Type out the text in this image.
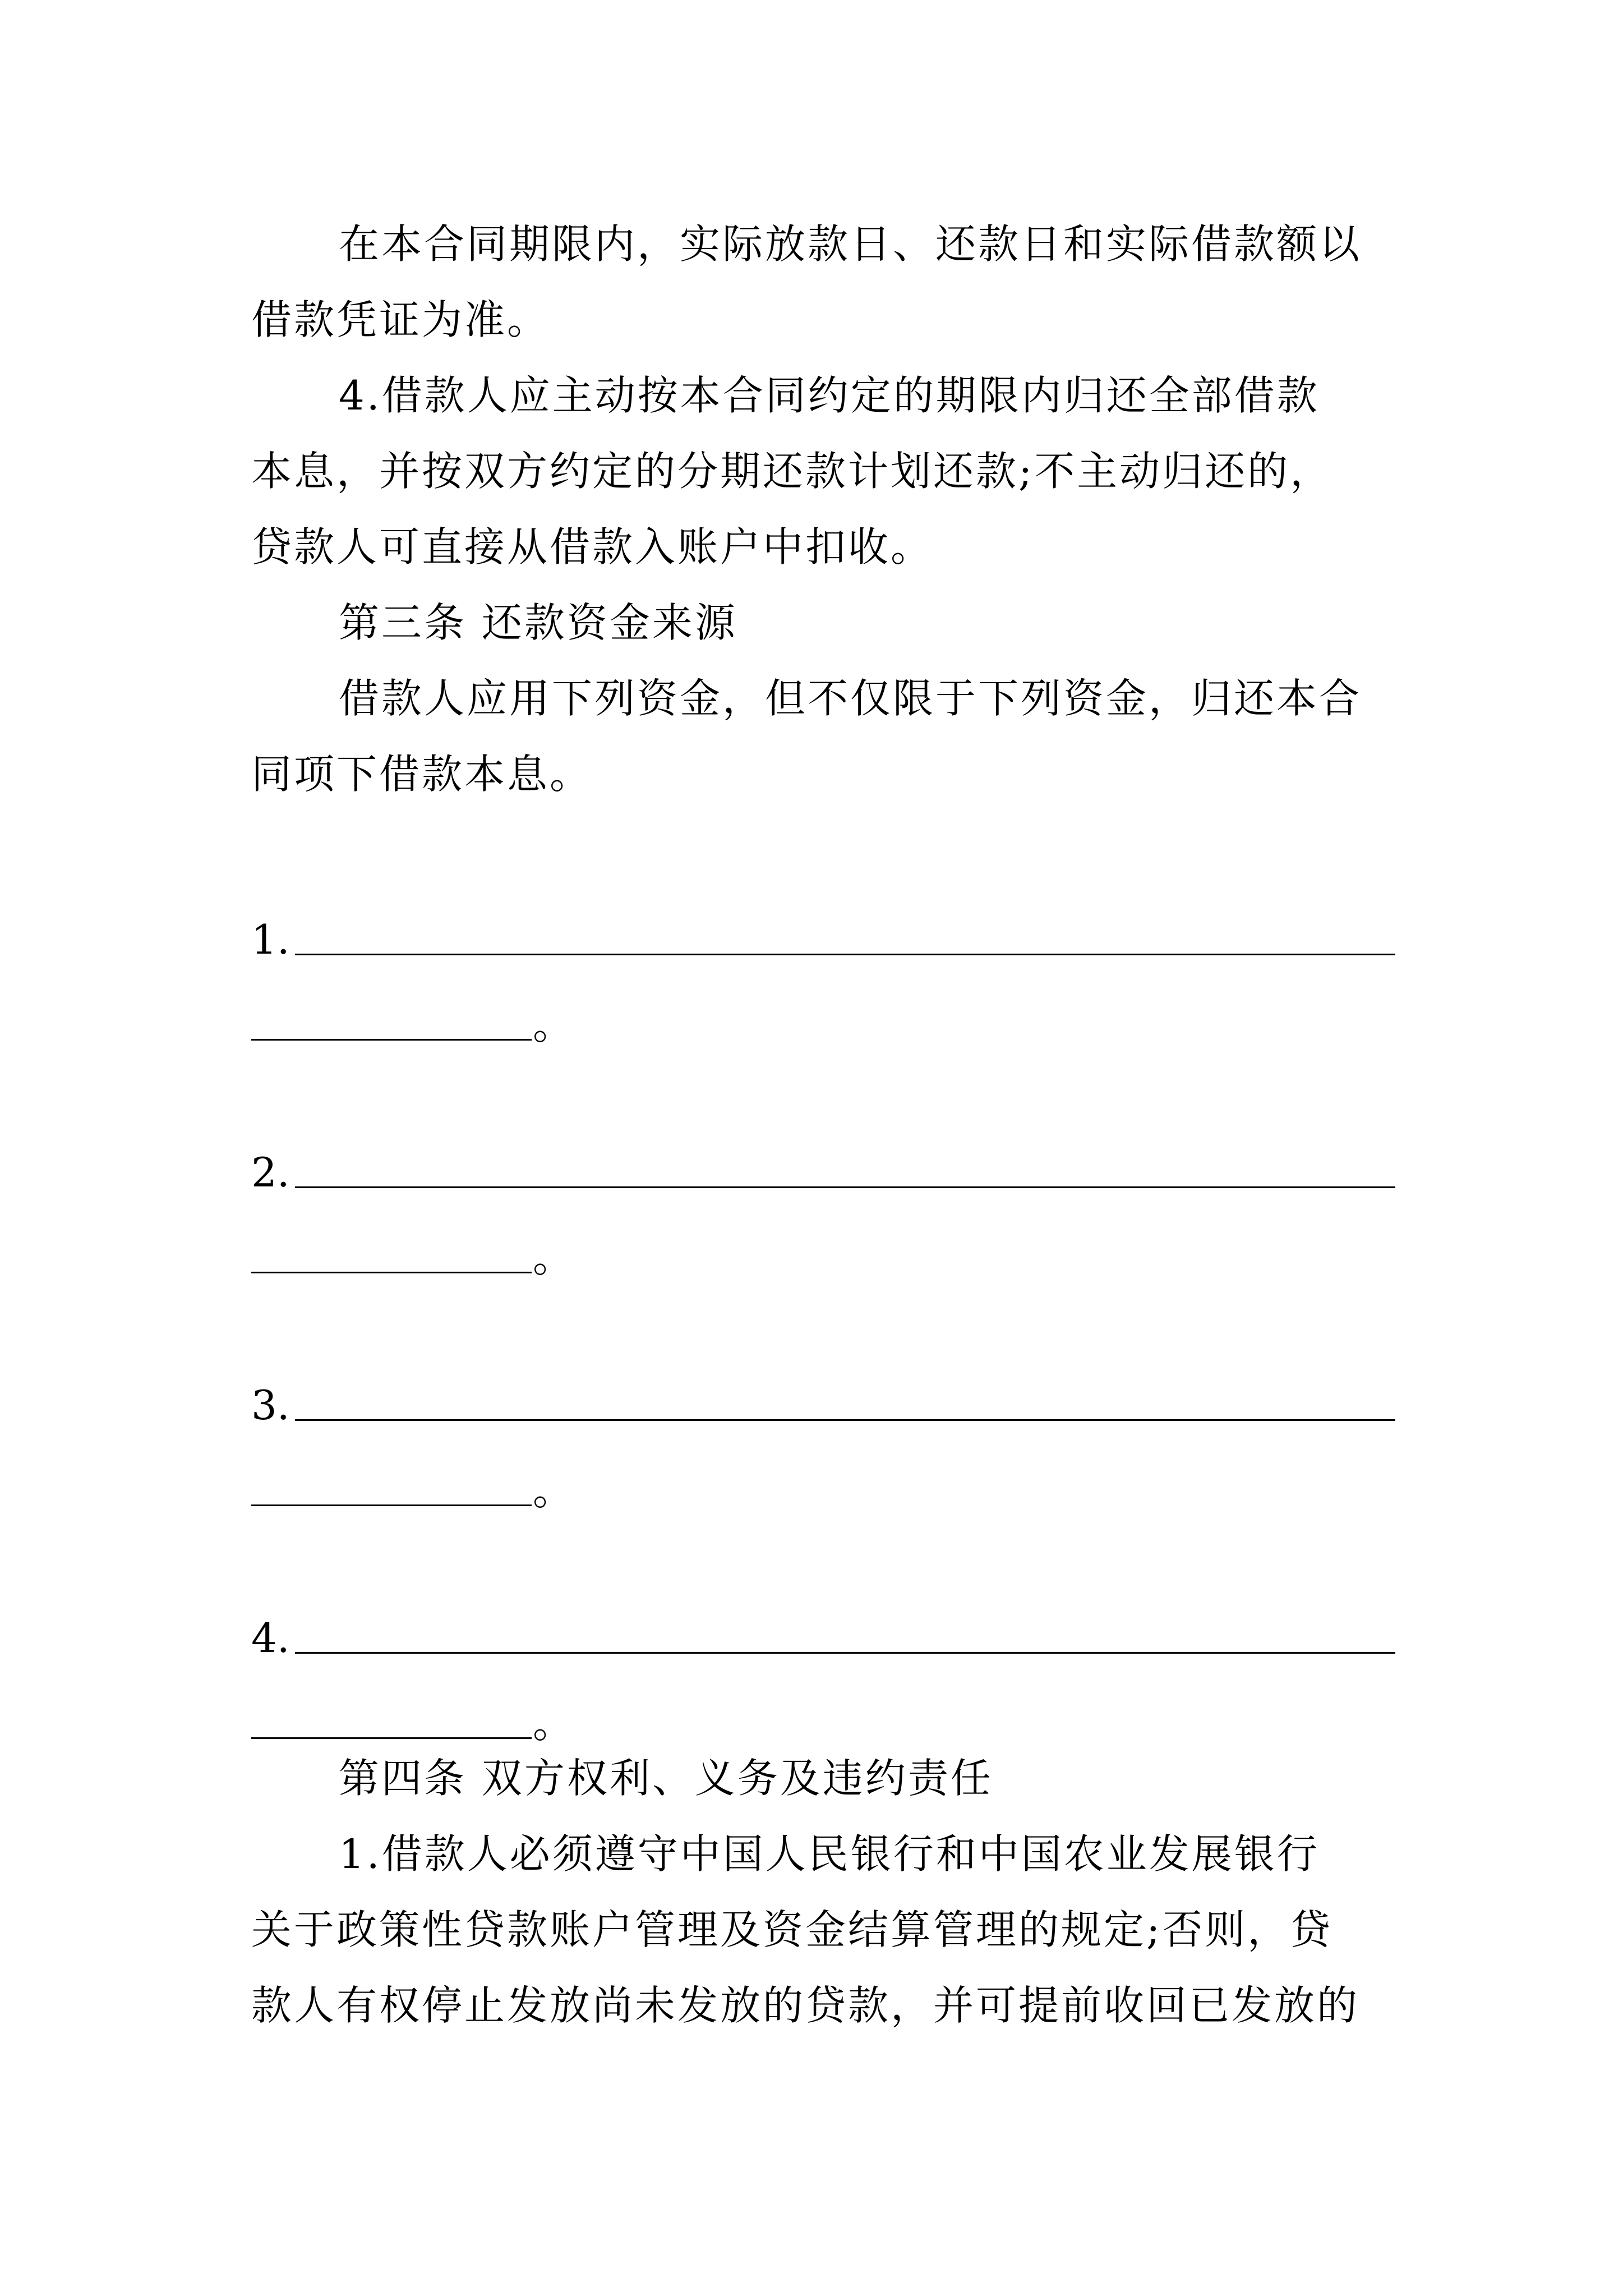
在本合同期限内，实际放款日、还款日和实际借款额以
借款凭证为准。
4.借款人应主动按本合同约定的期限内归还全部借款
本息，并按双方约定的分期还款计划还款;不主动归还的，
贷款人可直接从借款入账户中扣收。
第三条 还款资金来源
借款人应用下列资金，但不仅限于下列资金，归还本合
同项下借款本息。
1.
。
2.
。
3.
。
4.
。
第四条 双方权利、义务及违约责任
1.借款人必须遵守中国人民银行和中国农业发展银行
关于政策性贷款账户管理及资金结算管理的规定;否则，贷
款人有权停止发放尚未发放的贷款，并可提前收回已发放的
